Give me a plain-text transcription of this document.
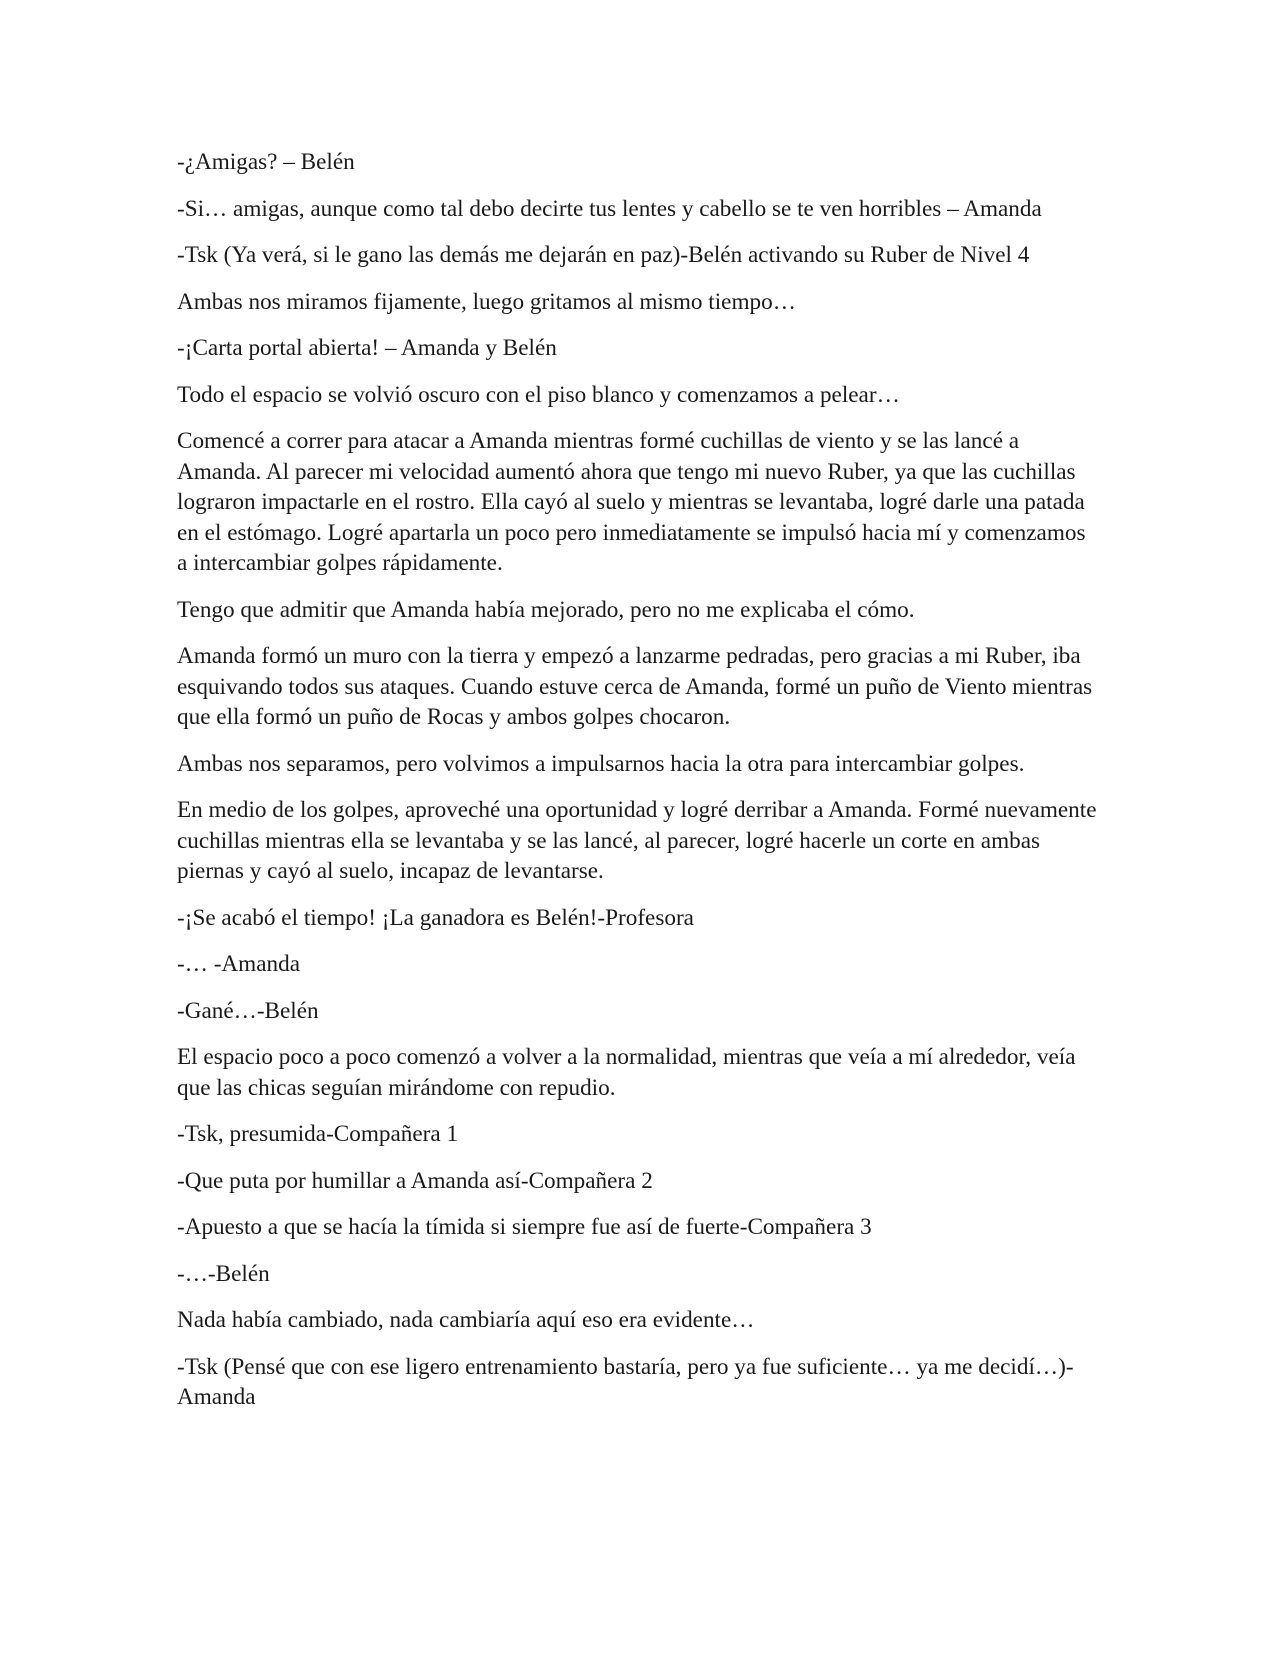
-¿Amigas? – Belén

-Si… amigas, aunque como tal debo decirte tus lentes y cabello se te ven horribles – Amanda

-Tsk (Ya verá, si le gano las demás me dejarán en paz)-Belén activando su Ruber de Nivel 4

Ambas nos miramos fijamente, luego gritamos al mismo tiempo…

-¡Carta portal abierta! – Amanda y Belén

Todo el espacio se volvió oscuro con el piso blanco y comenzamos a pelear…

Comencé a correr para atacar a Amanda mientras formé cuchillas de viento y se las lancé a Amanda. Al parecer mi velocidad aumentó ahora que tengo mi nuevo Ruber, ya que las cuchillas lograron impactarle en el rostro. Ella cayó al suelo y mientras se levantaba, logré darle una patada en el estómago. Logré apartarla un poco pero inmediatamente se impulsó hacia mí y comenzamos a intercambiar golpes rápidamente.

Tengo que admitir que Amanda había mejorado, pero no me explicaba el cómo.

Amanda formó un muro con la tierra y empezó a lanzarme pedradas, pero gracias a mi Ruber, iba esquivando todos sus ataques. Cuando estuve cerca de Amanda, formé un puño de Viento mientras que ella formó un puño de Rocas y ambos golpes chocaron.

Ambas nos separamos, pero volvimos a impulsarnos hacia la otra para intercambiar golpes.

En medio de los golpes, aproveché una oportunidad y logré derribar a Amanda. Formé nuevamente cuchillas mientras ella se levantaba y se las lancé, al parecer, logré hacerle un corte en ambas piernas y cayó al suelo, incapaz de levantarse.

-¡Se acabó el tiempo! ¡La ganadora es Belén!-Profesora

-… -Amanda

-Gané…-Belén

El espacio poco a poco comenzó a volver a la normalidad, mientras que veía a mí alrededor, veía que las chicas seguían mirándome con repudio.

-Tsk, presumida-Compañera 1

-Que puta por humillar a Amanda así-Compañera 2

-Apuesto a que se hacía la tímida si siempre fue así de fuerte-Compañera 3

-…-Belén

Nada había cambiado, nada cambiaría aquí eso era evidente…

-Tsk (Pensé que con ese ligero entrenamiento bastaría, pero ya fue suficiente… ya me decidí…)-Amanda
